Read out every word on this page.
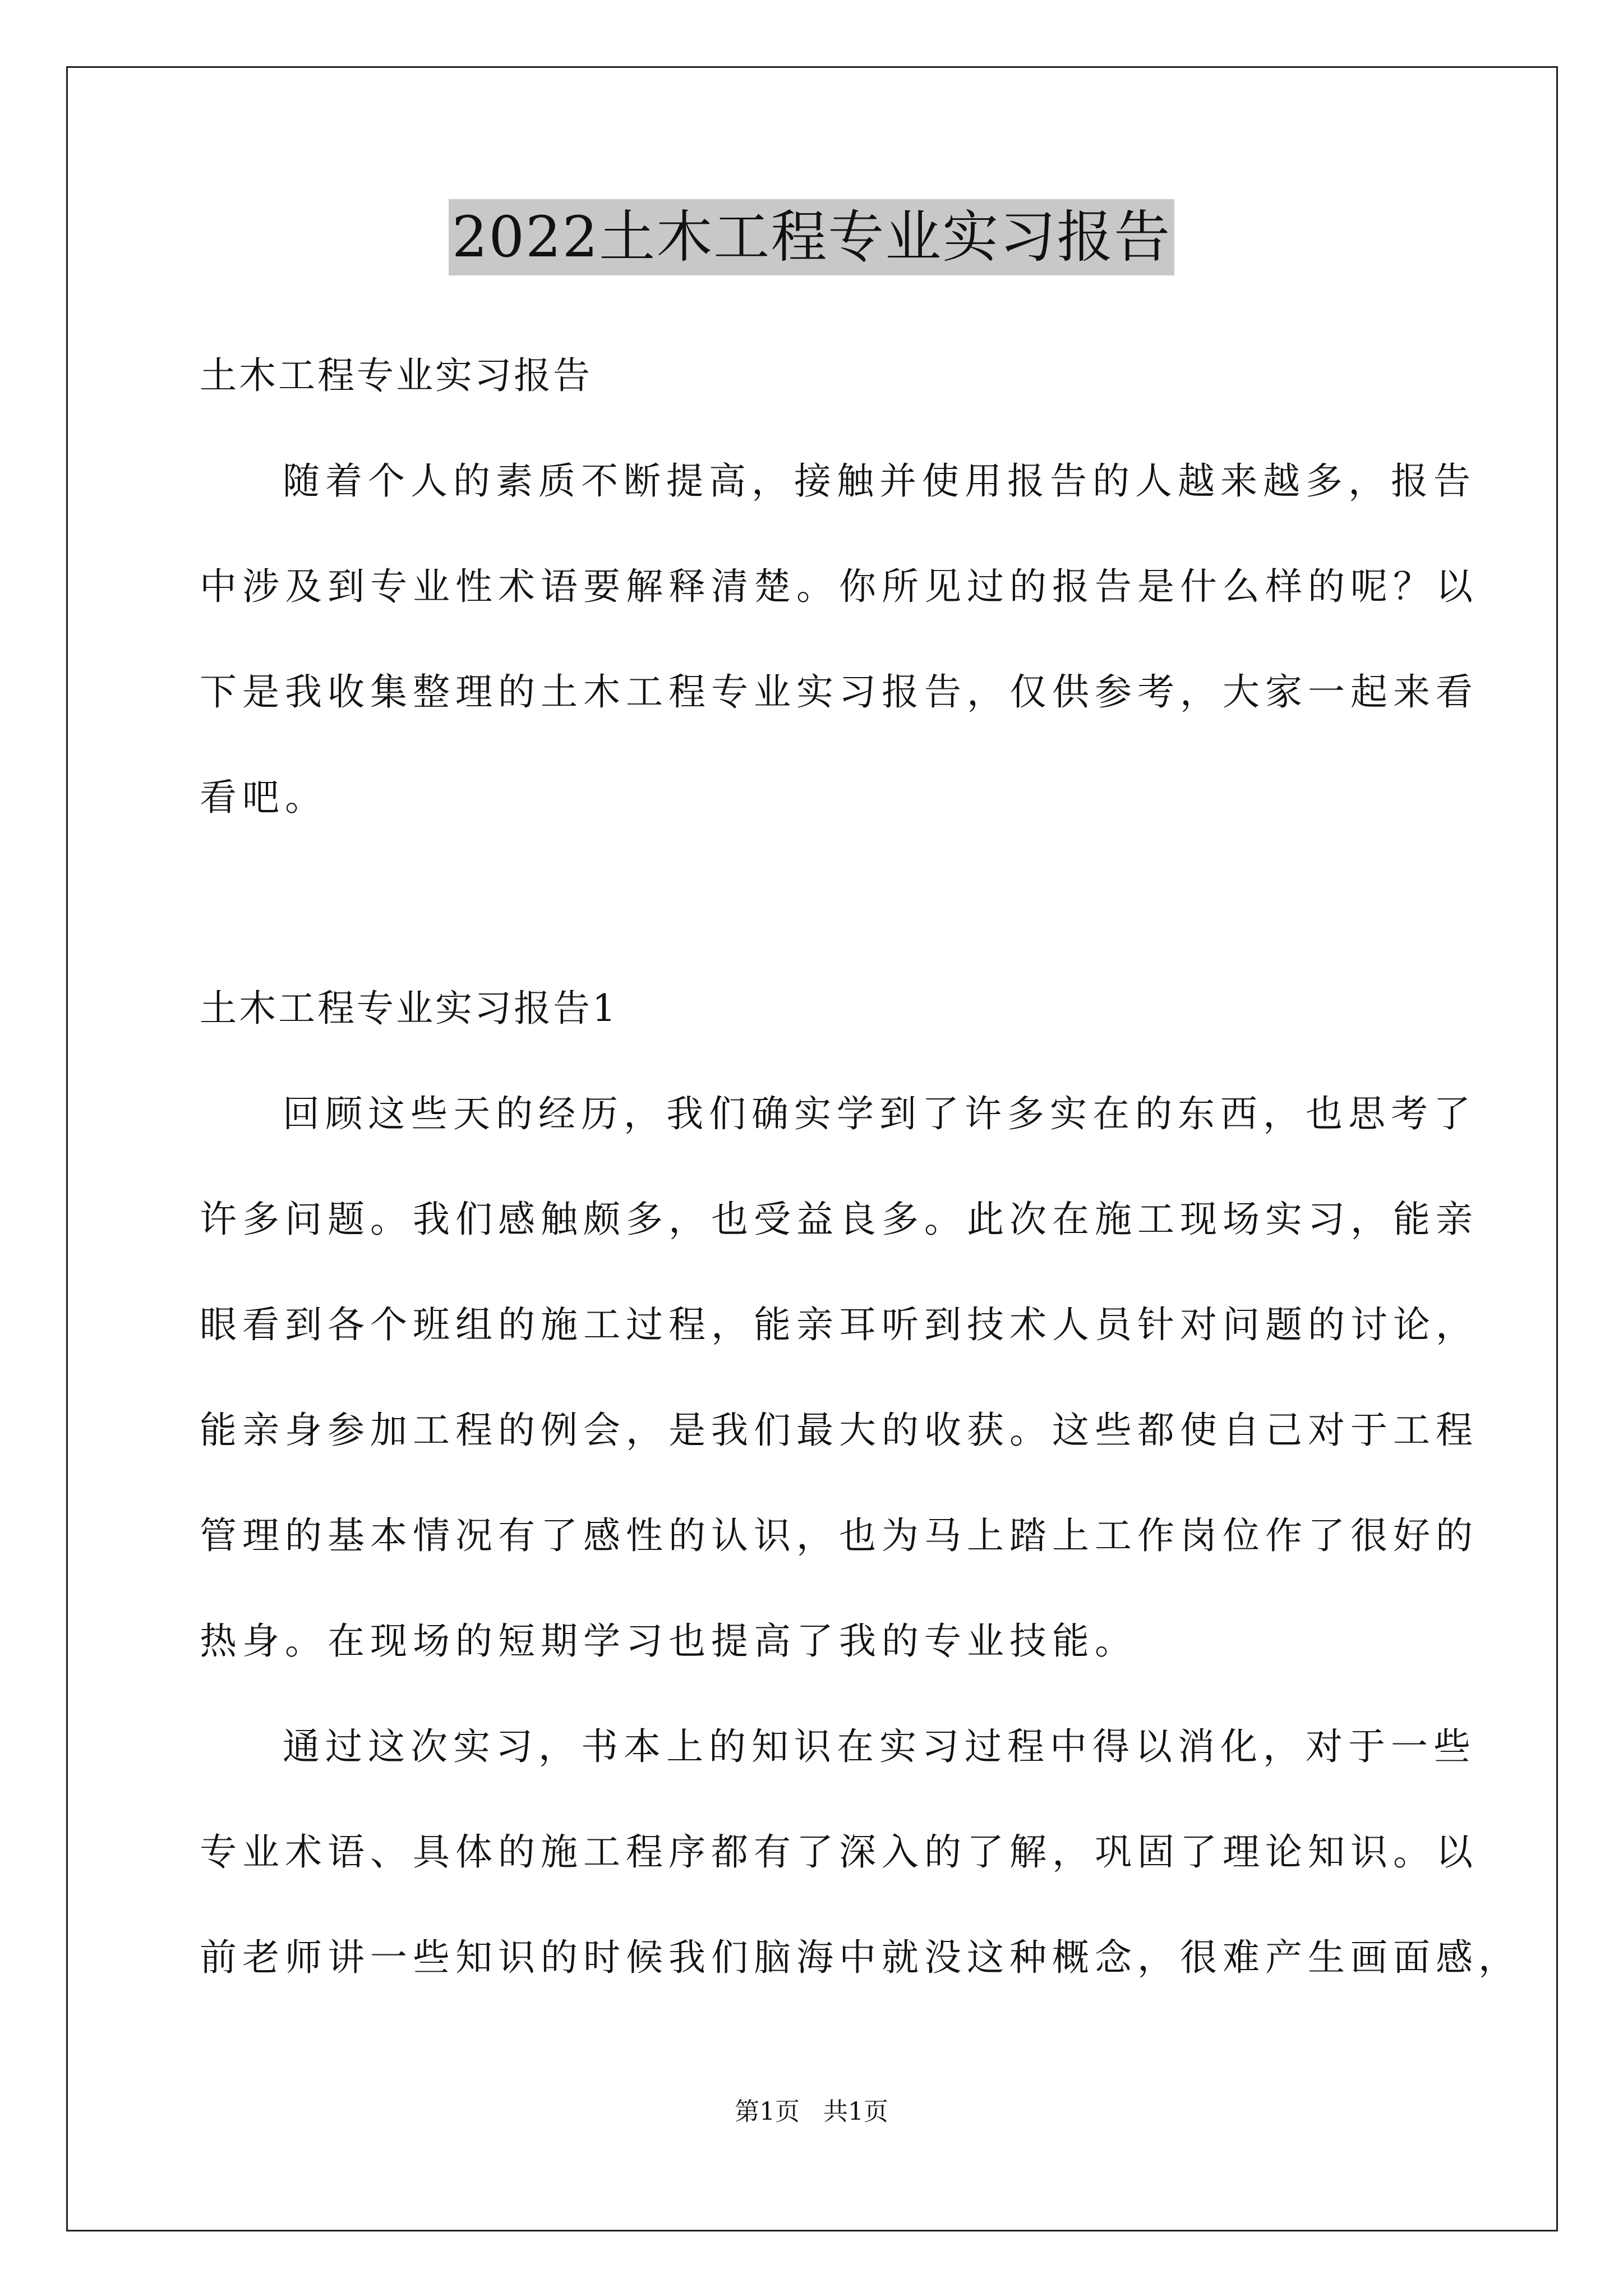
2022土木工程专业实习报告
土木工程专业实习报告
随着个人的素质不断提高，接触并使用报告的人越来越多，报告
中涉及到专业性术语要解释清楚。你所见过的报告是什么样的呢？以
下是我收集整理的土木工程专业实习报告，仅供参考，大家一起来看
看吧。
土木工程专业实习报告1
回顾这些天的经历，我们确实学到了许多实在的东西，也思考了
许多问题。我们感触颇多，也受益良多。此次在施工现场实习，能亲
眼看到各个班组的施工过程，能亲耳听到技术人员针对问题的讨论，
能亲身参加工程的例会，是我们最大的收获。这些都使自己对于工程
管理的基本情况有了感性的认识，也为马上踏上工作岗位作了很好的
热身。在现场的短期学习也提高了我的专业技能。
通过这次实习，书本上的知识在实习过程中得以消化，对于一些
专业术语、具体的施工程序都有了深入的了解，巩固了理论知识。以
前老师讲一些知识的时候我们脑海中就没这种概念，很难产生画面感，
第1页 共1页
